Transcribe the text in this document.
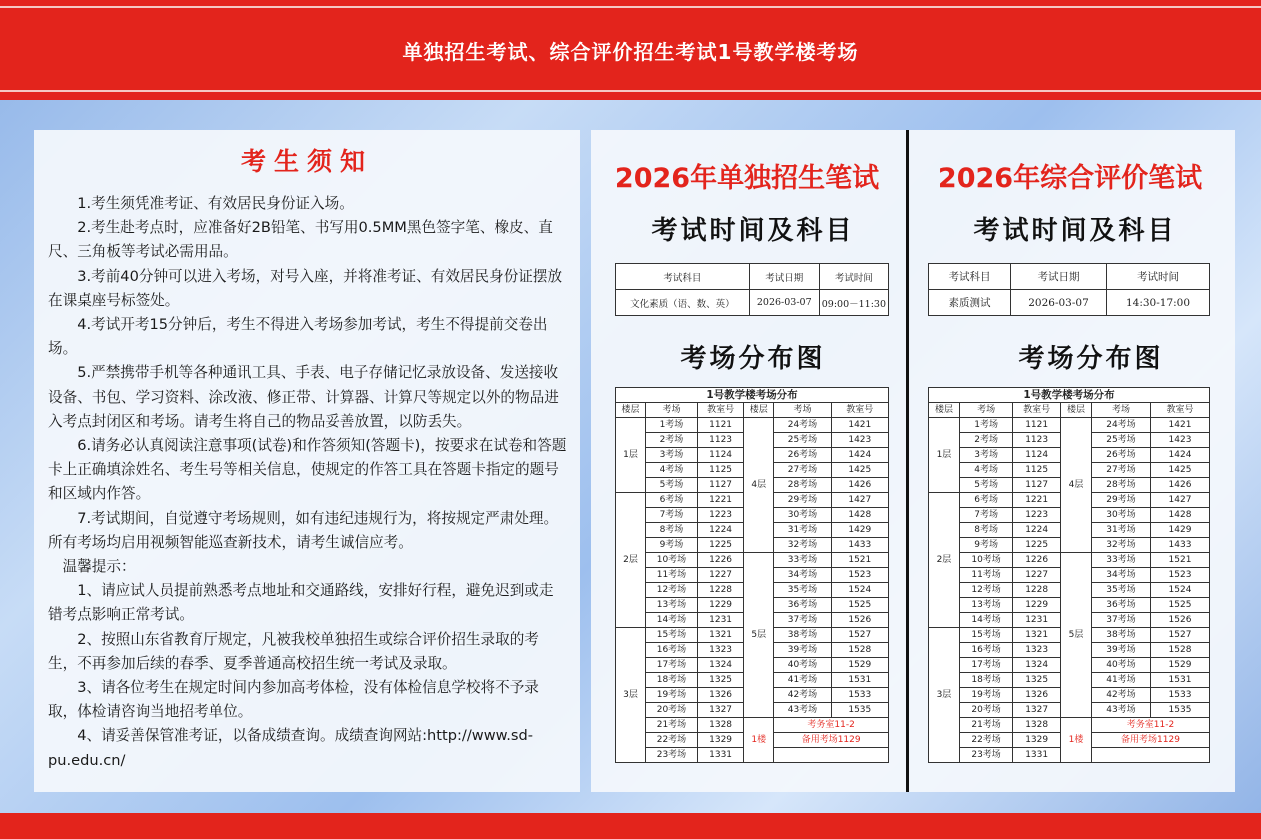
单独招生考试、综合评价招生考试1号教学楼考场
考生须知

1.考生须凭准考证、有效居民身份证入场。

2.考生赴考点时，应准备好2B铅笔、书写用0.5MM黑色签字笔、橡皮、直尺、三角板等考试必需用品。

3.考前40分钟可以进入考场，对号入座，并将准考证、有效居民身份证摆放在课桌座号标签处。

4.考试开考15分钟后，考生不得进入考场参加考试，考生不得提前交卷出场。

5.严禁携带手机等各种通讯工具、手表、电子存储记忆录放设备、发送接收设备、书包、学习资料、涂改液、修正带、计算器、计算尺等规定以外的物品进入考点封闭区和考场。请考生将自己的物品妥善放置，以防丢失。

6.请务必认真阅读注意事项(试卷)和作答须知(答题卡)，按要求在试卷和答题卡上正确填涂姓名、考生号等相关信息，使规定的作答工具在答题卡指定的题号和区域内作答。

7.考试期间，自觉遵守考场规则，如有违纪违规行为，将按规定严肃处理。所有考场均启用视频智能巡查新技术，请考生诚信应考。

温馨提示：

1、请应试人员提前熟悉考点地址和交通路线，安排好行程，避免迟到或走错考点影响正常考试。

2、按照山东省教育厅规定，凡被我校单独招生或综合评价招生录取的考生，不再参加后续的春季、夏季普通高校招生统一考试及录取。

3、请各位考生在规定时间内参加高考体检，没有体检信息学校将不予录取，体检请咨询当地招考单位。

4、请妥善保管准考证，以备成绩查询。成绩查询网站:http://www.sd-pu.edu.cn/

2026年单独招生笔试
考试时间及科目
考试科目	考试日期	考试时间
文化素质（语、数、英）	2026-03-07	09:00－11:30
考场分布图
1号教学楼考场分布					
楼层	考场	教室号	楼层	考场	教室号
1层	1考场	1121	4层	24考场	1421
	2考场	1123		25考场	1423
	3考场	1124		26考场	1424
	4考场	1125		27考场	1425
	5考场	1127		28考场	1426
2层	6考场	1221		29考场	1427
	7考场	1223		30考场	1428
	8考场	1224		31考场	1429
	9考场	1225		32考场	1433
	10考场	1226	5层	33考场	1521
	11考场	1227		34考场	1523
	12考场	1228		35考场	1524
	13考场	1229		36考场	1525
	14考场	1231		37考场	1526
3层	15考场	1321		38考场	1527
	16考场	1323		39考场	1528
	17考场	1324		40考场	1529
	18考场	1325		41考场	1531
	19考场	1326		42考场	1533
	20考场	1327		43考场	1535
	21考场	1328	1楼	考务室11-2	
	22考场	1329		备用考场1129	
	23考场	1331			
2026年综合评价笔试
考试时间及科目
考试科目	考试日期	考试时间
素质测试	2026-03-07	14:30-17:00
考场分布图
1号教学楼考场分布					
楼层	考场	教室号	楼层	考场	教室号
1层	1考场	1121	4层	24考场	1421
	2考场	1123		25考场	1423
	3考场	1124		26考场	1424
	4考场	1125		27考场	1425
	5考场	1127		28考场	1426
2层	6考场	1221		29考场	1427
	7考场	1223		30考场	1428
	8考场	1224		31考场	1429
	9考场	1225		32考场	1433
	10考场	1226	5层	33考场	1521
	11考场	1227		34考场	1523
	12考场	1228		35考场	1524
	13考场	1229		36考场	1525
	14考场	1231		37考场	1526
3层	15考场	1321		38考场	1527
	16考场	1323		39考场	1528
	17考场	1324		40考场	1529
	18考场	1325		41考场	1531
	19考场	1326		42考场	1533
	20考场	1327		43考场	1535
	21考场	1328	1楼	考务室11-2	
	22考场	1329		备用考场1129	
	23考场	1331			
